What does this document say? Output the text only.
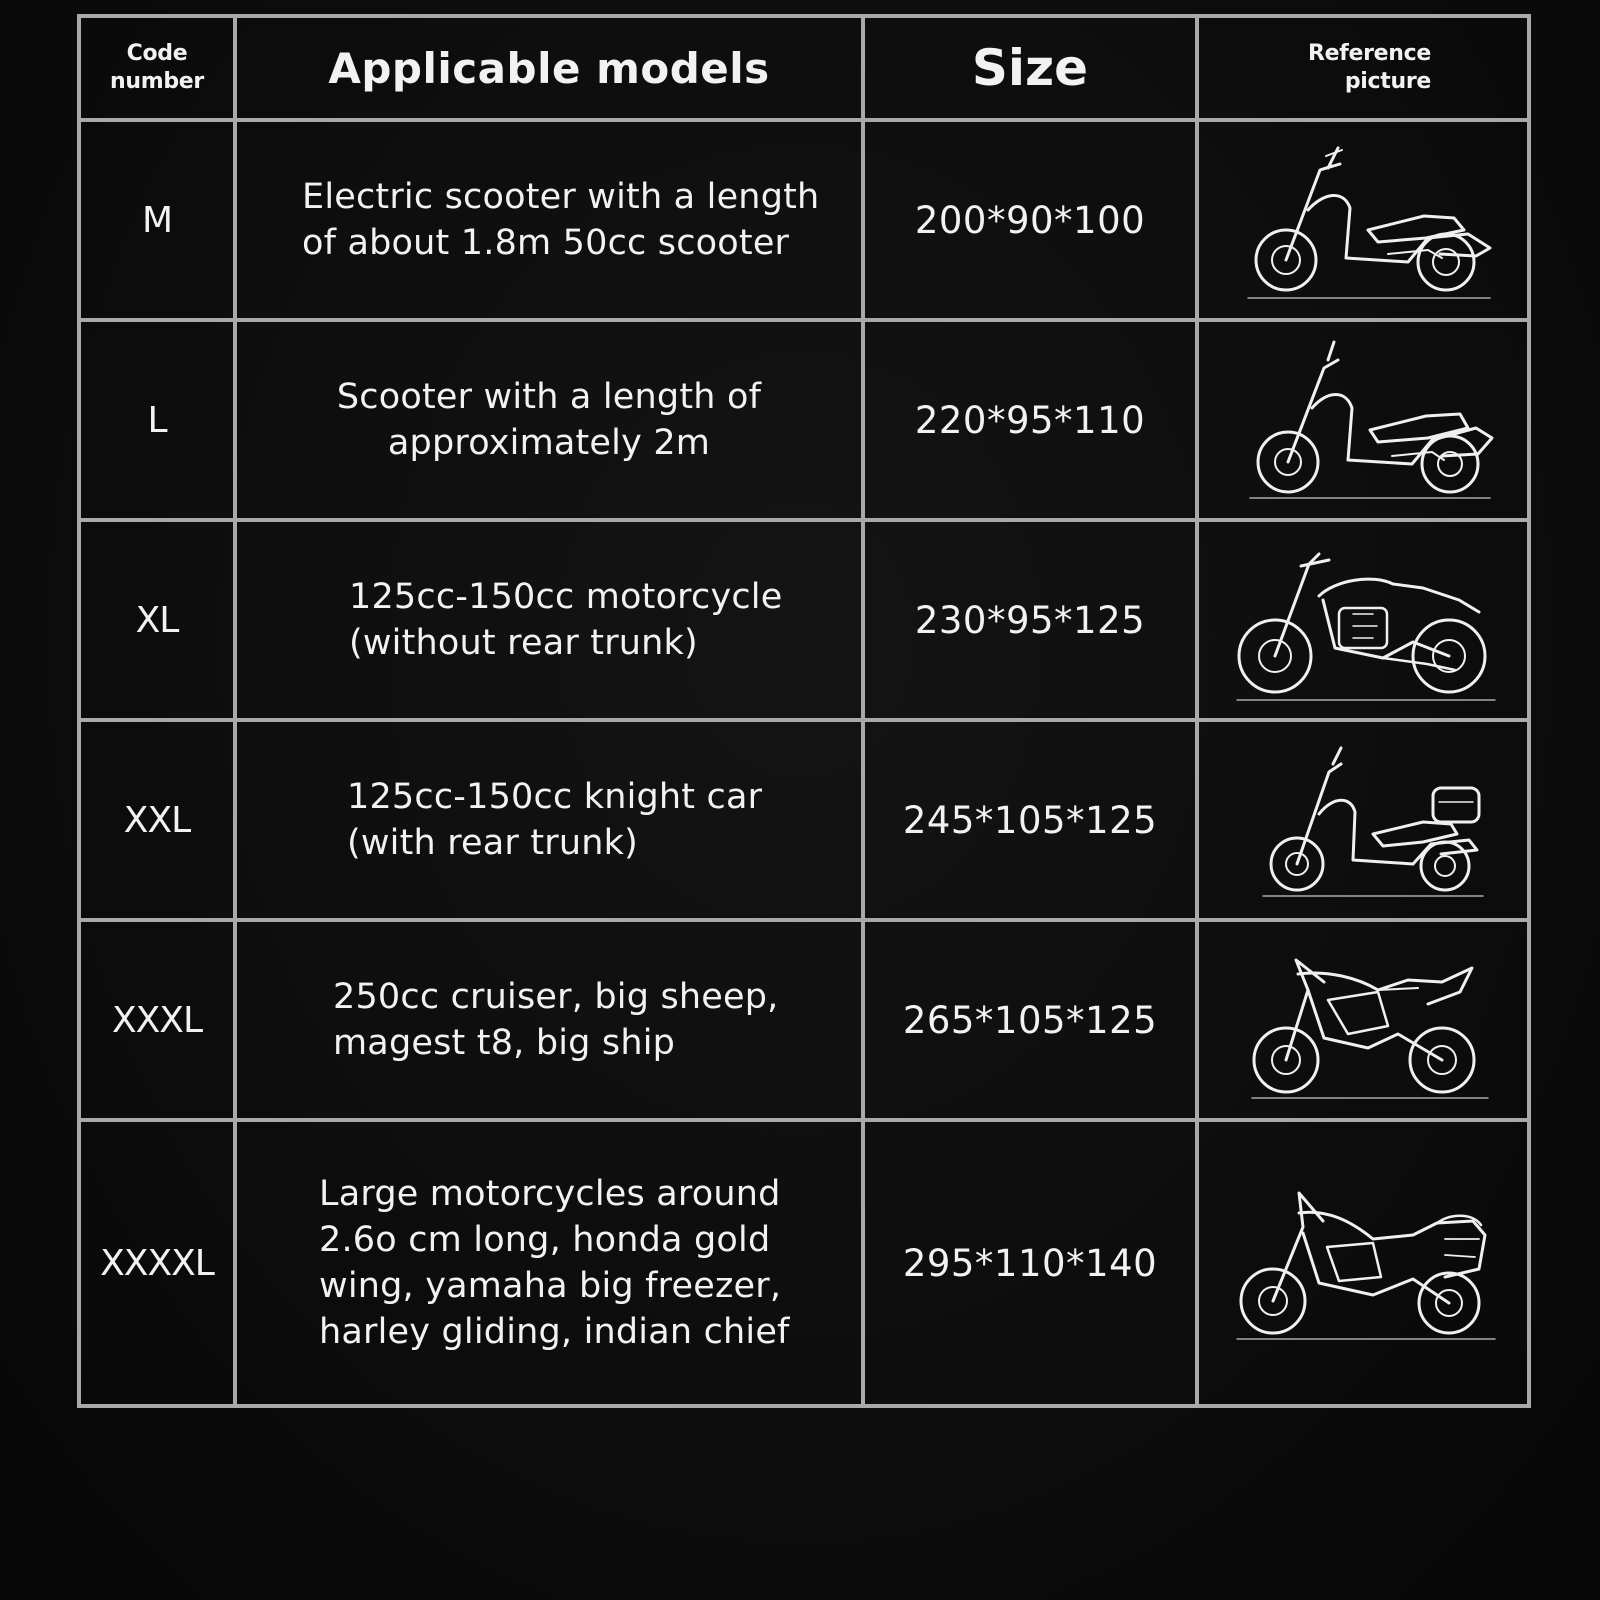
Code
number	Applicable models	Size	Reference
picture

M	Electric scooter with a length
of about 1.8m 50cc scooter	200*90*100

L	Scooter with a length of
approximately 2m	220*95*110

XL	125cc-150cc motorcycle
(without rear trunk)	230*95*125

XXL	125cc-150cc knight car
(with rear trunk)	245*105*125

XXXL	250cc cruiser, big sheep,
magest t8, big ship	265*105*125

XXXXL	Large motorcycles around
2.6o cm long, honda gold
wing, yamaha big freezer,
harley gliding, indian chief	295*110*140
